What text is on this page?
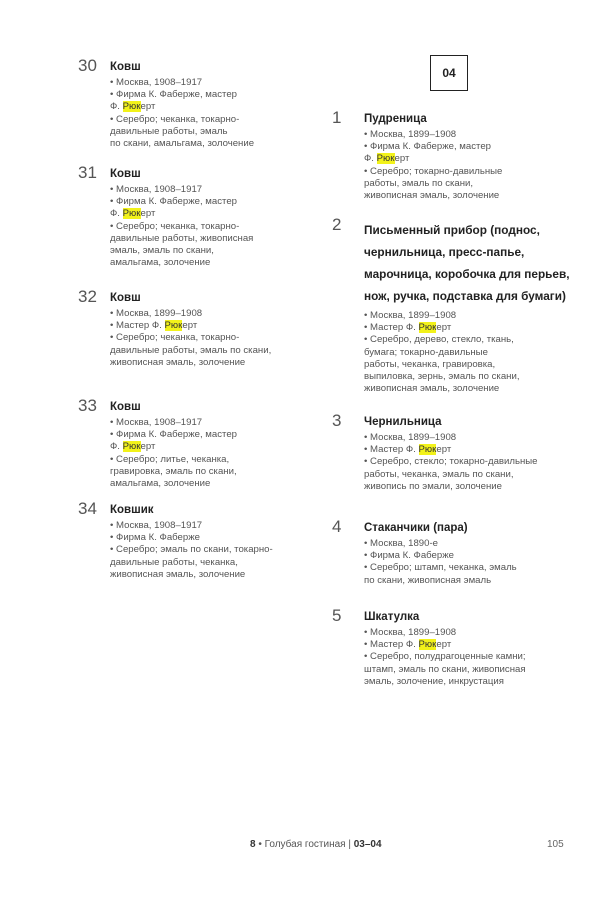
04
30 Ковш
• Москва, 1908–1917
• Фирма К. Фаберже, мастер
Ф. Рюкерт
• Серебро; чеканка, токарно-
давильные работы, эмаль
по скани, амальгама, золочение
31 Ковш
• Москва, 1908–1917
• Фирма К. Фаберже, мастер
Ф. Рюкерт
• Серебро; чеканка, токарно-
давильные работы, живописная
эмаль, эмаль по скани,
амальгама, золочение
32 Ковш
• Москва, 1899–1908
• Мастер Ф. Рюкерт
• Серебро; чеканка, токарно-
давильные работы, эмаль по скани,
живописная эмаль, золочение
33 Ковш
• Москва, 1908–1917
• Фирма К. Фаберже, мастер
Ф. Рюкерт
• Серебро; литье, чеканка,
гравировка, эмаль по скани,
амальгама, золочение
34 Ковшик
• Москва, 1908–1917
• Фирма К. Фаберже
• Серебро; эмаль по скани, токарно-
давильные работы, чеканка,
живописная эмаль, золочение
1 Пудреница
• Москва, 1899–1908
• Фирма К. Фаберже, мастер
Ф. Рюкерт
• Серебро; токарно-давильные
работы, эмаль по скани,
живописная эмаль, золочение
2 Письменный прибор (поднос, чернильница, пресс-папье, марочница, коробочка для перьев, нож, ручка, подставка для бумаги)
• Москва, 1899–1908
• Мастер Ф. Рюкерт
• Серебро, дерево, стекло, ткань,
бумага; токарно-давильные
работы, чеканка, гравировка,
выпиловка, зернь, эмаль по скани,
живописная эмаль, золочение
3 Чернильница
• Москва, 1899–1908
• Мастер Ф. Рюкерт
• Серебро, стекло; токарно-давильные
работы, чеканка, эмаль по скани,
живопись по эмали, золочение
4 Стаканчики (пара)
• Москва, 1890-е
• Фирма К. Фаберже
• Серебро; штамп, чеканка, эмаль
по скани, живописная эмаль
5 Шкатулка
• Москва, 1899–1908
• Мастер Ф. Рюкерт
• Серебро, полудрагоценные камни;
штамп, эмаль по скани, живописная
эмаль, золочение, инкрустация
8 • Голубая гостиная | 03–04	105
